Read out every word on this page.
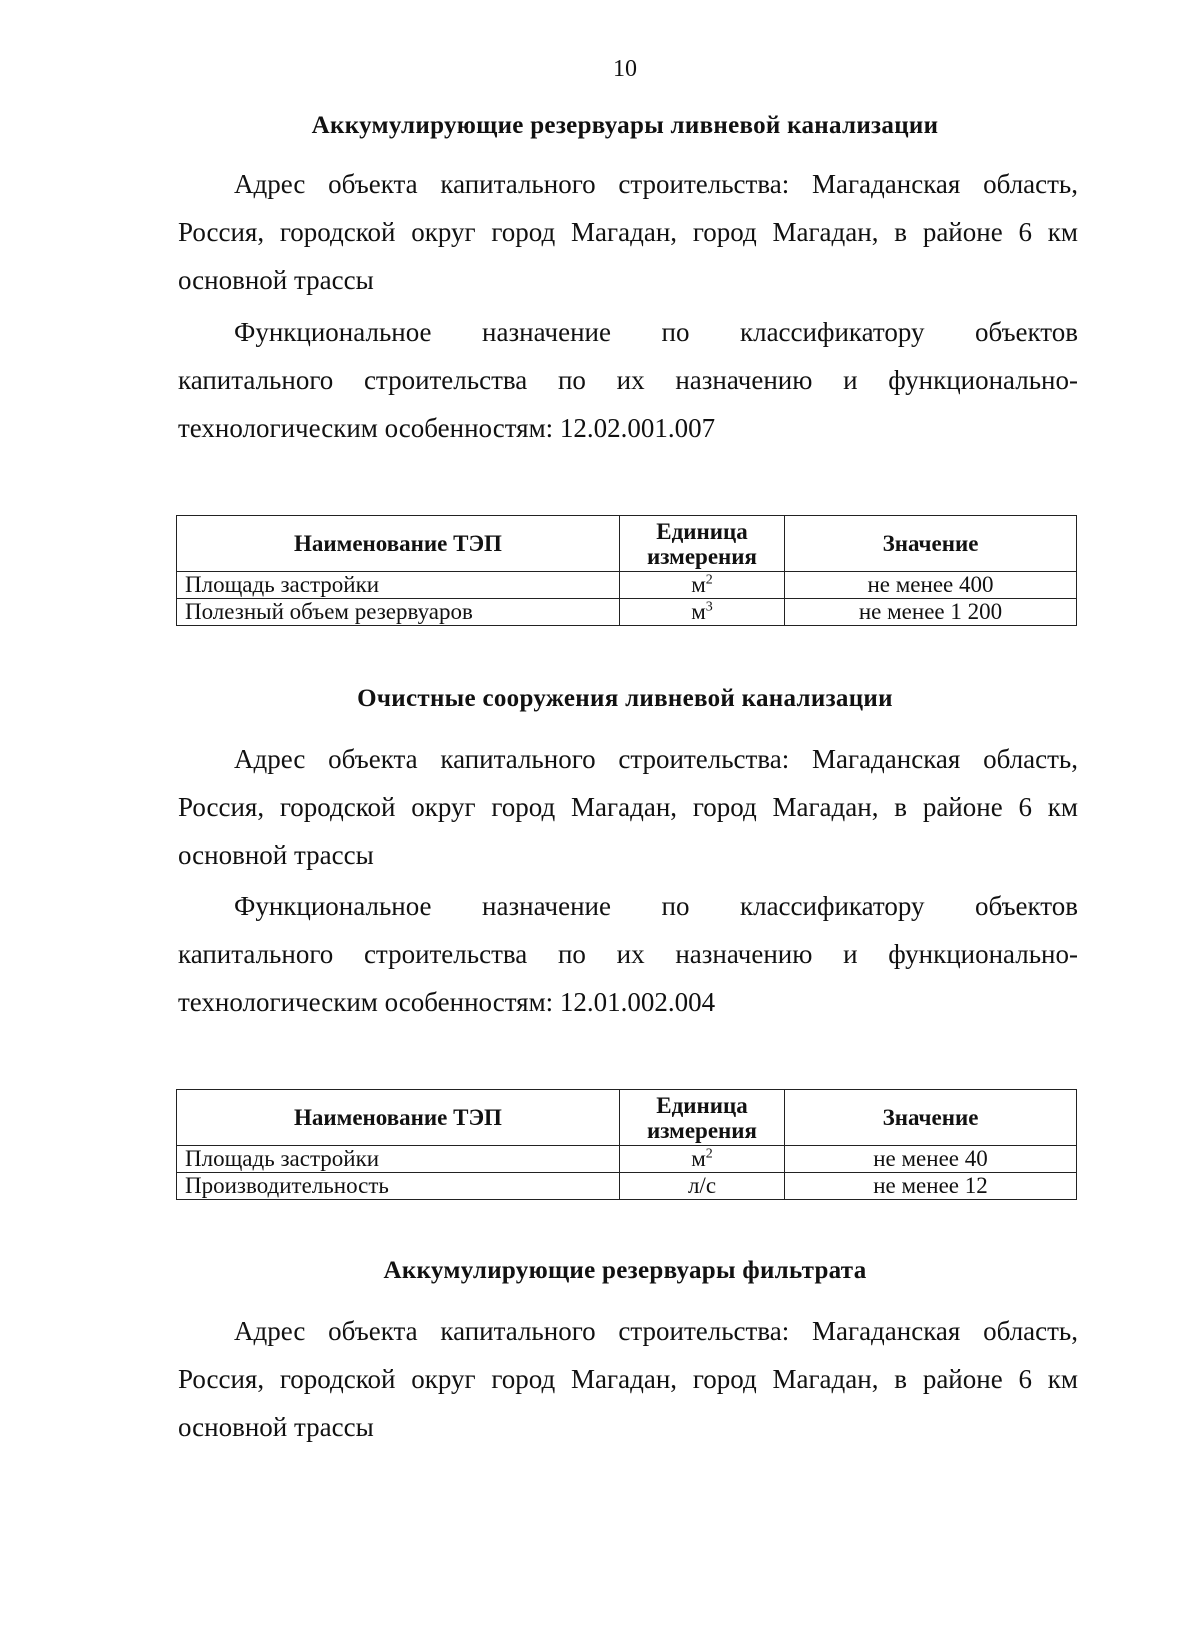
10
Аккумулирующие резервуары ливневой канализации
Адрес объекта капитального строительства: Магаданская область,
Россия, городской округ город Магадан, город Магадан, в районе 6 км
основной трассы
Функциональное назначение по классификатору объектов
капитального строительства по их назначению и функционально-
технологическим особенностям: 12.02.001.007
Наименование ТЭП	Единица измерения	Значение
Площадь застройки	$м^2$	не менее 400
Полезный объем резервуаров	$м^3$	не менее 1 200
Очистные сооружения ливневой канализации
Адрес объекта капитального строительства: Магаданская область,
Россия, городской округ город Магадан, город Магадан, в районе 6 км
основной трассы
Функциональное назначение по классификатору объектов
капитального строительства по их назначению и функционально-
технологическим особенностям: 12.01.002.004
Наименование ТЭП	Единица измерения	Значение
Площадь застройки	$м^2$	не менее 40
Производительность	л/с	не менее 12
Аккумулирующие резервуары фильтрата
Адрес объекта капитального строительства: Магаданская область,
Россия, городской округ город Магадан, город Магадан, в районе 6 км
основной трассы
